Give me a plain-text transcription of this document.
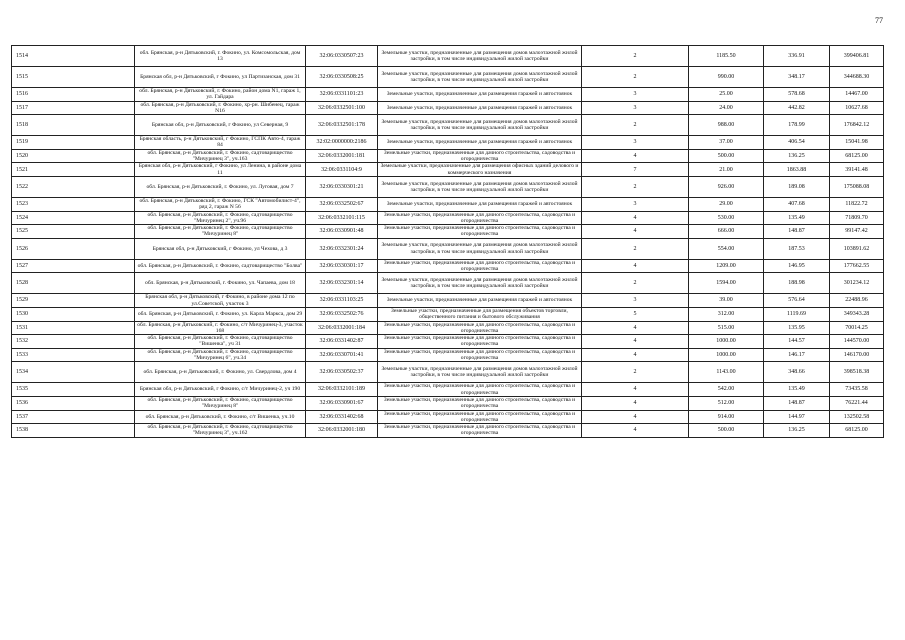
77
1514	обл. Брянская, р-н Дятьковский, г. Фокино, ул. Комсомольская, дом 13	32:06:0330507:23	Земельные участки, предназначенные для размещения домов малоэтажной жилой застройки, в том числе индивидуальной жилой застройки	2	1185.50	336.91	399406.81
1515	Брянская обл, р-н Дятьковский, г Фокино, ул Партизанская, дом 31	32:06:0330508:25	Земельные участки, предназначенные для размещения домов малоэтажной жилой застройки, в том числе индивидуальной жилой застройки	2	990.00	348.17	344688.30
1516	обл. Брянская, р-н Дятьковский, г. Фокино, район дома N1, гараж 1, ул. Гайдара	32:06:0331101:23	Земельные участки, предназначенные для размещения гаражей и автостоянок	3	25.00	578.68	14467.00
1517	обл. Брянская, р-н Дятьковский, г. Фокино, хр-рн. Шибенец, гараж N16	32:06:0332501:100	Земельные участки, предназначенные для размещения гаражей и автостоянок	3	24.00	442.82	10627.68
1518	Брянская обл, р-н Дятьковский, г Фокино, ул Северная, 9	32:06:0332501:178	Земельные участки, предназначенные для размещения домов малоэтажной жилой застройки, в том числе индивидуальной жилой застройки	2	988.00	178.99	176842.12
1519	Брянская область, р-н Дятьковский, г Фокино, ГСПК Авто-4, гараж 84	32:02:0000000:2186	Земельные участки, предназначенные для размещения гаражей и автостоянок	3	37.00	406.54	15041.98
1520	обл. Брянская, р-н Дятьковский, г. Фокино, садтоварищество "Мичуринец 3", уч.163	32:06:0332001:181	Земельные участки, предназначенные для дачного строительства, садоводства и огородничества	4	500.00	136.25	68125.00
1521	Брянская обл, р-н Дятьковский, г Фокино, ул Ленина, в районе дома 11	32:06:0331104:9	Земельные участки, предназначенные для размещения офисных зданий делового и коммерческого назначения	7	21.00	1863.88	39141.48
1522	обл. Брянская, р-н Дятьковский, г. Фокино, ул. Луговая, дом 7	32:06:0330301:21	Земельные участки, предназначенные для размещения домов малоэтажной жилой застройки, в том числе индивидуальной жилой застройки	2	926.00	189.08	175088.08
1523	обл. Брянская, р-н Дятьковский, г. Фокино, ГСК "Автомобилист-4", ряд 2, гараж N 56	32:06:0332502:67	Земельные участки, предназначенные для размещения гаражей и автостоянок	3	29.00	407.68	11822.72
1524	обл. Брянская, р-н Дятьковский, г. Фокино, садтоварищество "Мичуринец 2", уч.96	32:06:0332101:115	Земельные участки, предназначенные для дачного строительства, садоводства и огородничества	4	530.00	135.49	71809.70
1525	обл. Брянская, р-н Дятьковский, г. Фокино, садтоварищество "Мичуринец 8"	32:06:0330901:48	Земельные участки, предназначенные для дачного строительства, садоводства и огородничества	4	666.00	148.87	99147.42
1526	Брянская обл, р-н Дятьковский, г Фокино, ул Чехова, д 3	32:06:0332301:24	Земельные участки, предназначенные для размещения домов малоэтажной жилой застройки, в том числе индивидуальной жилой застройки	2	554.00	187.53	103891.62
1527	обл. Брянская, р-н Дятьковский, г. Фокино, садтоварищество "Болва"	32:06:0330301:17	Земельные участки, предназначенные для дачного строительства, садоводства и огородничества	4	1209.00	146.95	177662.55
1528	обл. Брянская, р-н Дятьковский, г. Фокино, ул. Чапаева, дом 18	32:06:0332301:14	Земельные участки, предназначенные для размещения домов малоэтажной жилой застройки, в том числе индивидуальной жилой застройки	2	1594.00	188.98	301234.12
1529	Брянская обл, р-н Дятьковский, г Фокино, в районе дома 12 по ул.Советской, участок 3	32:06:0331103:25	Земельные участки, предназначенные для размещения гаражей и автостоянок	3	39.00	576.64	22488.96
1530	обл. Брянская, р-н Дятьковский, г. Фокино, ул. Карла Маркса, дом 29	32:06:0332502:76	Земельные участки, предназначенные для размещения объектов торговли, общественного питания и бытового обслуживания	5	312.00	1119.69	349343.28
1531	обл. Брянская, р-н Дятьковский, г. Фокино, с/т Мичуринец-3, участок 168	32:06:0332001:184	Земельные участки, предназначенные для дачного строительства, садоводства и огородничества	4	515.00	135.95	70014.25
1532	обл. Брянская, р-н Дятьковский, г. Фокино, садтоварищество "Вишенка", уч 31	32:06:0331402:87	Земельные участки, предназначенные для дачного строительства, садоводства и огородничества	4	1000.00	144.57	144570.00
1533	обл. Брянская, р-н Дятьковский, г. Фокино, садтоварищество "Мичуринец 6", уч.34	32:06:0330701:41	Земельные участки, предназначенные для дачного строительства, садоводства и огородничества	4	1000.00	146.17	146170.00
1534	обл. Брянская, р-н Дятьковский, г. Фокино, ул. Свердлова, дом 4	32:06:0330502:37	Земельные участки, предназначенные для размещения домов малоэтажной жилой застройки, в том числе индивидуальной жилой застройки	2	1143.00	348.66	398518.38
1535	Брянская обл, р-н Дятьковский, г Фокино, с/т Мичуринец-2, уч 190	32:06:0332101:189	Земельные участки, предназначенные для дачного строительства, садоводства и огородничества	4	542.00	135.49	73435.58
1536	обл. Брянская, р-н Дятьковский, г. Фокино, садтоварищество "Мичуринец 8"	32:06:0330901:67	Земельные участки, предназначенные для дачного строительства, садоводства и огородничества	4	512.00	148.87	76221.44
1537	обл. Брянская, р-н Дятьковский, г. Фокино, с/т Вишенка, уч.10	32:06:0331402:68	Земельные участки, предназначенные для дачного строительства, садоводства и огородничества	4	914.00	144.97	132502.58
1538	обл. Брянская, р-н Дятьковский, г. Фокино, садтоварищество "Мичуринец 3", уч.162	32:06:0332001:180	Земельные участки, предназначенные для дачного строительства, садоводства и огородничества	4	500.00	136.25	68125.00
